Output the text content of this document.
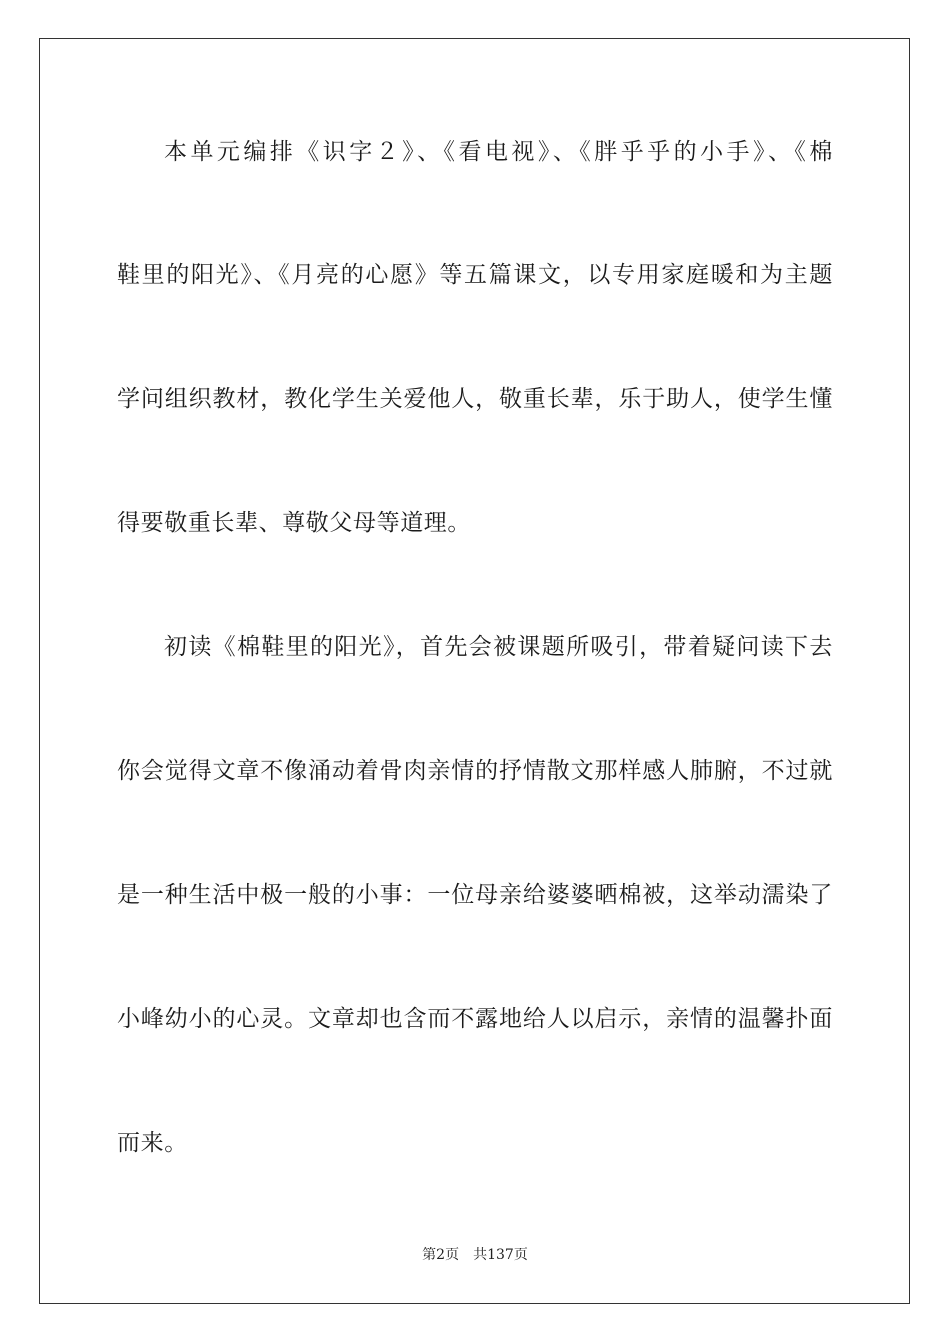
本单元编排《识字２》、《看电视》、《胖乎乎的小手》、《棉
鞋里的阳光》、《月亮的心愿》等五篇课文，以专用家庭暖和为主题
学问组织教材，教化学生关爱他人，敬重长辈，乐于助人，使学生懂
得要敬重长辈、尊敬父母等道理。
初读《棉鞋里的阳光》，首先会被课题所吸引，带着疑问读下去
你会觉得文章不像涌动着骨肉亲情的抒情散文那样感人肺腑，不过就
是一种生活中极一般的小事：一位母亲给婆婆晒棉被，这举动濡染了
小峰幼小的心灵。文章却也含而不露地给人以启示，亲情的温馨扑面
而来。
第2页 共137页
